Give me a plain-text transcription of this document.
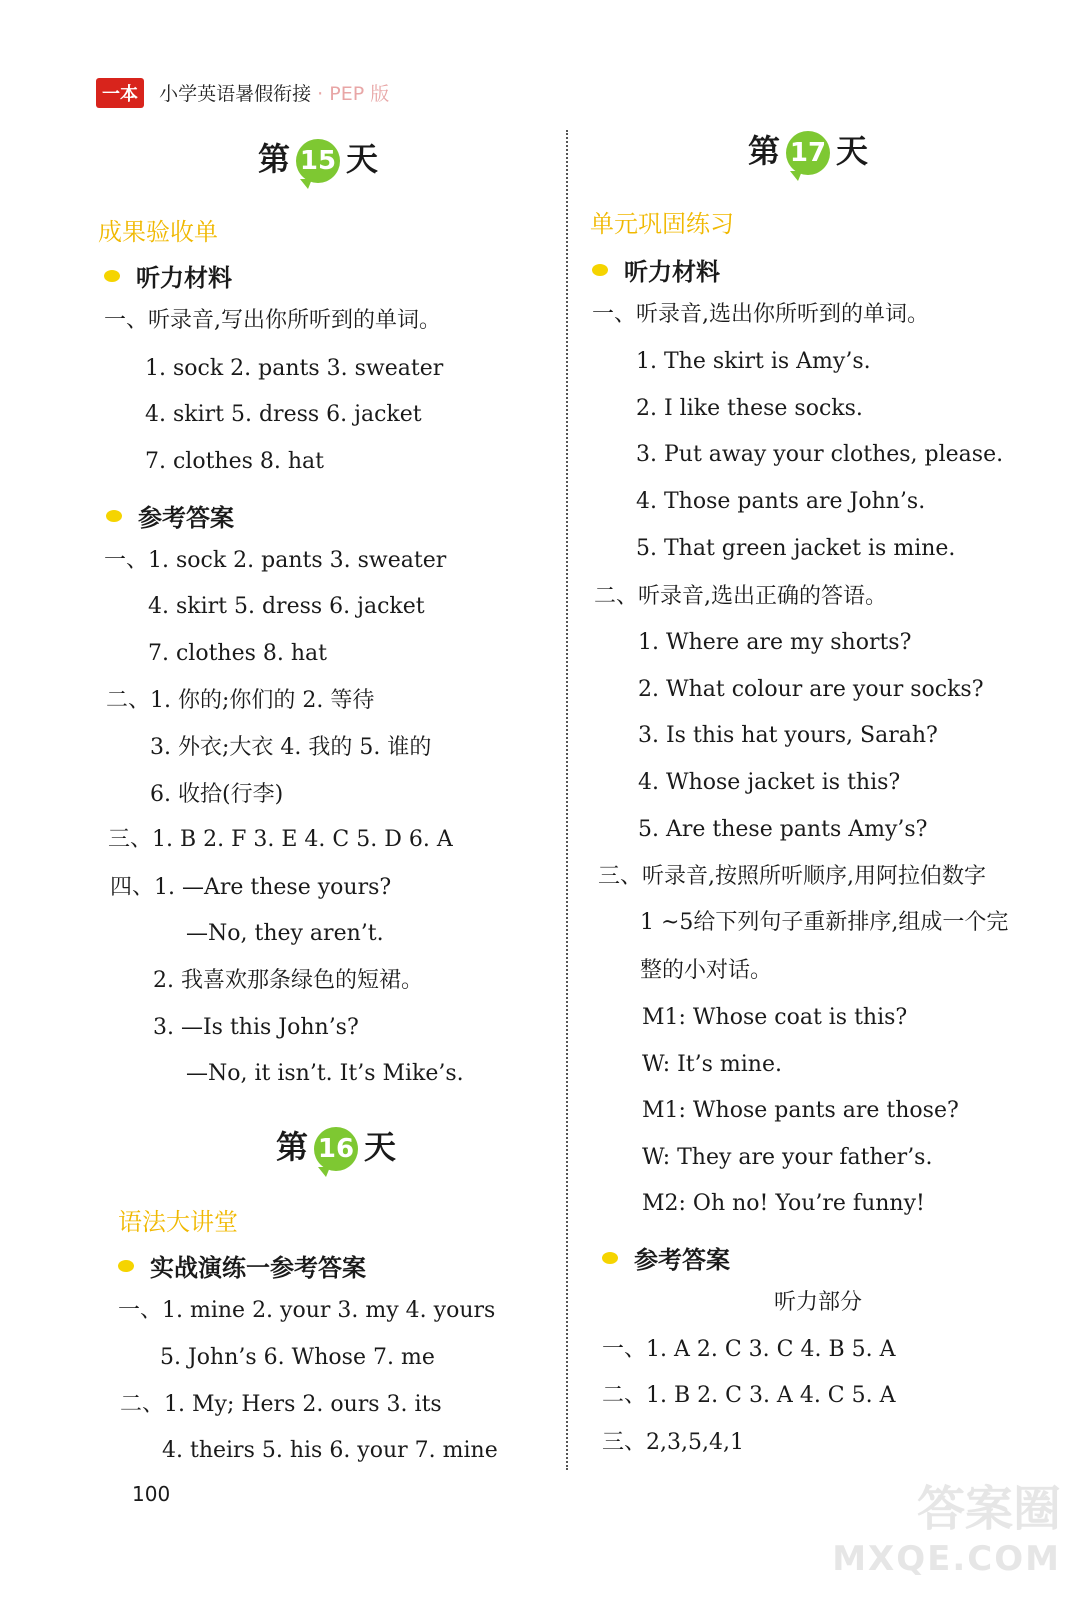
一本 小学英语暑假衔接 · PEP 版
第 15 天
成果验收单
听力材料
一、听录音,写出你所听到的单词。
1. sock 2. pants 3. sweater
4. skirt 5. dress 6. jacket
7. clothes 8. hat
参考答案
一、1. sock 2. pants 3. sweater
4. skirt 5. dress 6. jacket
7. clothes 8. hat
二、1. 你的;你们的 2. 等待
3. 外衣;大衣 4. 我的 5. 谁的
6. 收拾(行李)
三、1. B 2. F 3. E 4. C 5. D 6. A
四、1. —Are these yours?
—No, they aren’t.
2. 我喜欢那条绿色的短裙。
3. —Is this John’s?
—No, it isn’t. It’s Mike’s.
第 16 天
语法大讲堂
实战演练一参考答案
一、1. mine 2. your 3. my 4. yours
5. John’s 6. Whose 7. me
二、1. My; Hers 2. ours 3. its
4. theirs 5. his 6. your 7. mine
100
第 17 天
单元巩固练习
听力材料
一、听录音,选出你所听到的单词。
1. The skirt is Amy’s.
2. I like these socks.
3. Put away your clothes, please.
4. Those pants are John’s.
5. That green jacket is mine.
二、听录音,选出正确的答语。
1. Where are my shorts?
2. What colour are your socks?
3. Is this hat yours, Sarah?
4. Whose jacket is this?
5. Are these pants Amy’s?
三、听录音,按照所听顺序,用阿拉伯数字
1 ~5给下列句子重新排序,组成一个完
整的小对话。
M1: Whose coat is this?
W: It’s mine.
M1: Whose pants are those?
W: They are your father’s.
M2: Oh no! You’re funny!
参考答案
听力部分
一、1. A 2. C 3. C 4. B 5. A
二、1. B 2. C 3. A 4. C 5. A
三、2,3,5,4,1
答案圈
MXQE.COM
